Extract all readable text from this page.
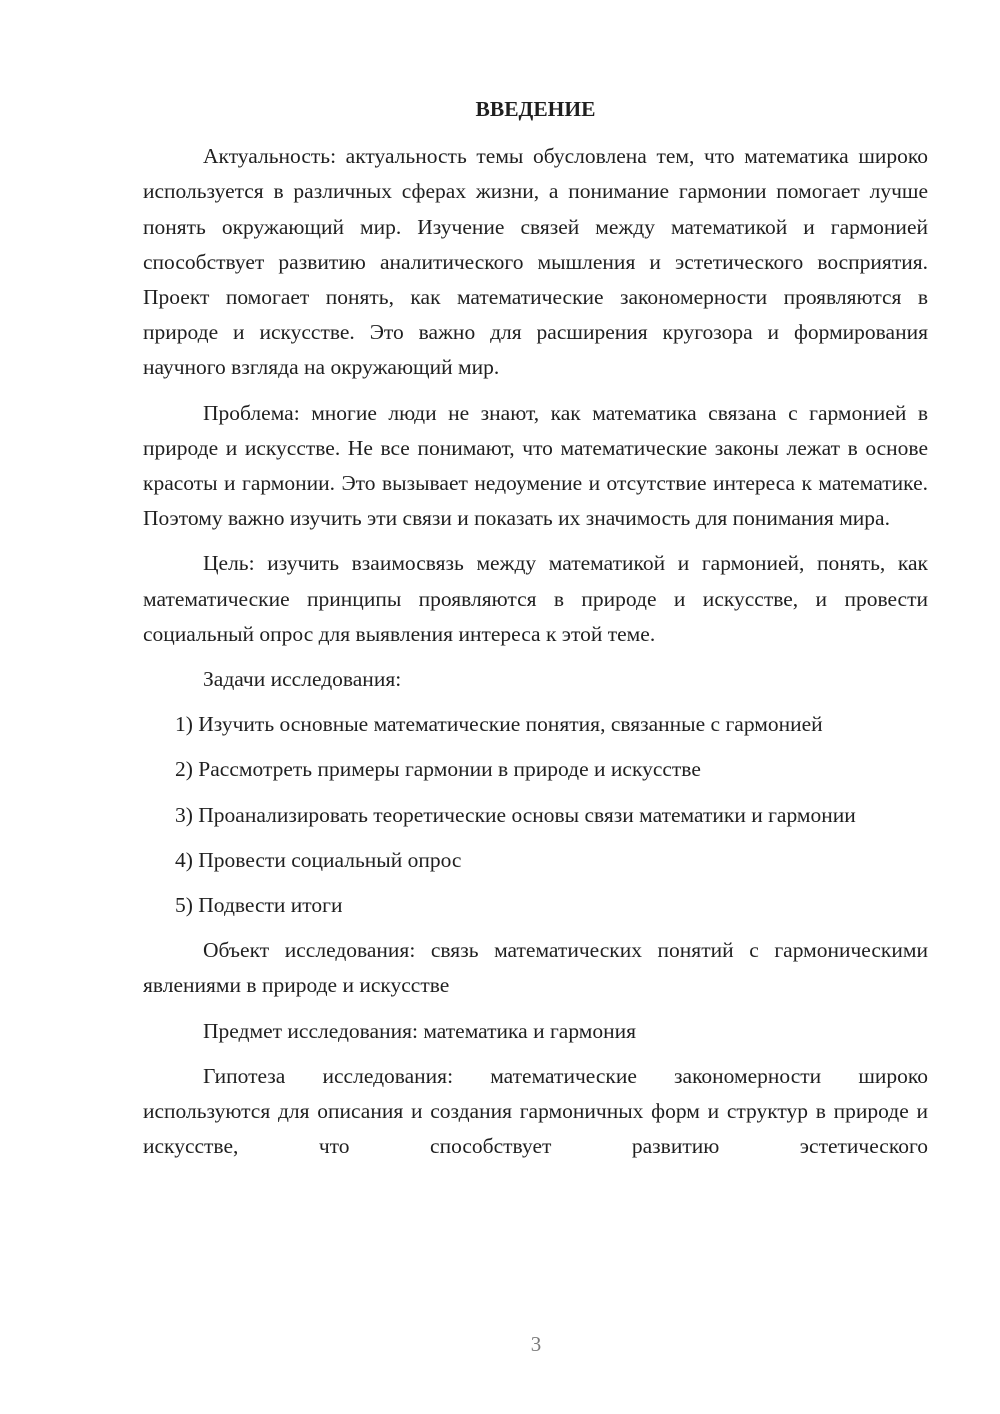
ВВЕДЕНИЕ
Актуальность: актуальность темы обусловлена тем, что математика широко используется в различных сферах жизни, а понимание гармонии помогает лучше понять окружающий мир. Изучение связей между математикой и гармонией способствует развитию аналитического мышления и эстетического восприятия. Проект помогает понять, как математические закономерности проявляются в природе и искусстве. Это важно для расширения кругозора и формирования научного взгляда на окружающий мир.
Проблема: многие люди не знают, как математика связана с гармонией в природе и искусстве. Не все понимают, что математические законы лежат в основе красоты и гармонии. Это вызывает недоумение и отсутствие интереса к математике. Поэтому важно изучить эти связи и показать их значимость для понимания мира.
Цель: изучить взаимосвязь между математикой и гармонией, понять, как математические принципы проявляются в природе и искусстве, и провести социальный опрос для выявления интереса к этой теме.
Задачи исследования:
1) Изучить основные математические понятия, связанные с гармонией
2) Рассмотреть примеры гармонии в природе и искусстве
3) Проанализировать теоретические основы связи математики и гармонии
4) Провести социальный опрос
5) Подвести итоги
Объект исследования: связь математических понятий с гармоническими явлениями в природе и искусстве
Предмет исследования: математика и гармония
Гипотеза исследования: математические закономерности широко используются для описания и создания гармоничных форм и структур в природе и искусстве, что способствует развитию эстетического
3
